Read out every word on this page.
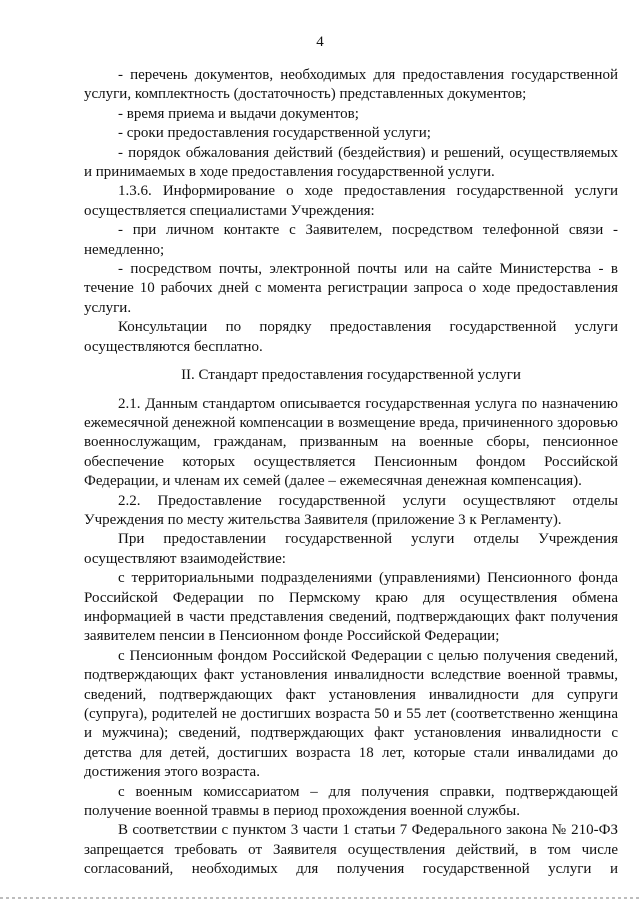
4

- перечень документов, необходимых для предоставления государственной услуги, комплектность (достаточность) представленных документов;

- время приема и выдачи документов;

- сроки предоставления государственной услуги;

- порядок обжалования действий (бездействия) и решений, осуществляемых и принимаемых в ходе предоставления государственной услуги.

1.3.6. Информирование о ходе предоставления государственной услуги осуществляется специалистами Учреждения:

- при личном контакте с Заявителем, посредством телефонной связи - немедленно;

- посредством почты, электронной почты или на сайте Министерства - в течение 10 рабочих дней с момента регистрации запроса о ходе предоставления услуги.

Консультации по порядку предоставления государственной услуги осуществляются бесплатно.

II. Стандарт предоставления государственной услуги

2.1. Данным стандартом описывается государственная услуга по назначению ежемесячной денежной компенсации в возмещение вреда, причиненного здоровью военнослужащим, гражданам, призванным на военные сборы, пенсионное обеспечение которых осуществляется Пенсионным фондом Российской Федерации, и членам их семей (далее – ежемесячная денежная компенсация).

2.2. Предоставление государственной услуги осуществляют отделы Учреждения по месту жительства Заявителя (приложение 3 к Регламенту).

При предоставлении государственной услуги отделы Учреждения осуществляют взаимодействие:

с территориальными подразделениями (управлениями) Пенсионного фонда Российской Федерации по Пермскому краю для осуществления обмена информацией в части представления сведений, подтверждающих факт получения заявителем пенсии в Пенсионном фонде Российской Федерации;

с Пенсионным фондом Российской Федерации с целью получения сведений, подтверждающих факт установления инвалидности вследствие военной травмы, сведений, подтверждающих факт установления инвалидности для супруги (супруга), родителей не достигших возраста 50 и 55 лет (соответственно женщина и мужчина); сведений, подтверждающих факт установления инвалидности с детства для детей, достигших возраста 18 лет, которые стали инвалидами до достижения этого возраста.

с военным комиссариатом – для получения справки, подтверждающей получение военной травмы в период прохождения военной службы.

В соответствии с пунктом 3 части 1 статьи 7 Федерального закона № 210-ФЗ запрещается требовать от Заявителя осуществления действий, в том числе согласований, необходимых для получения государственной услуги и
